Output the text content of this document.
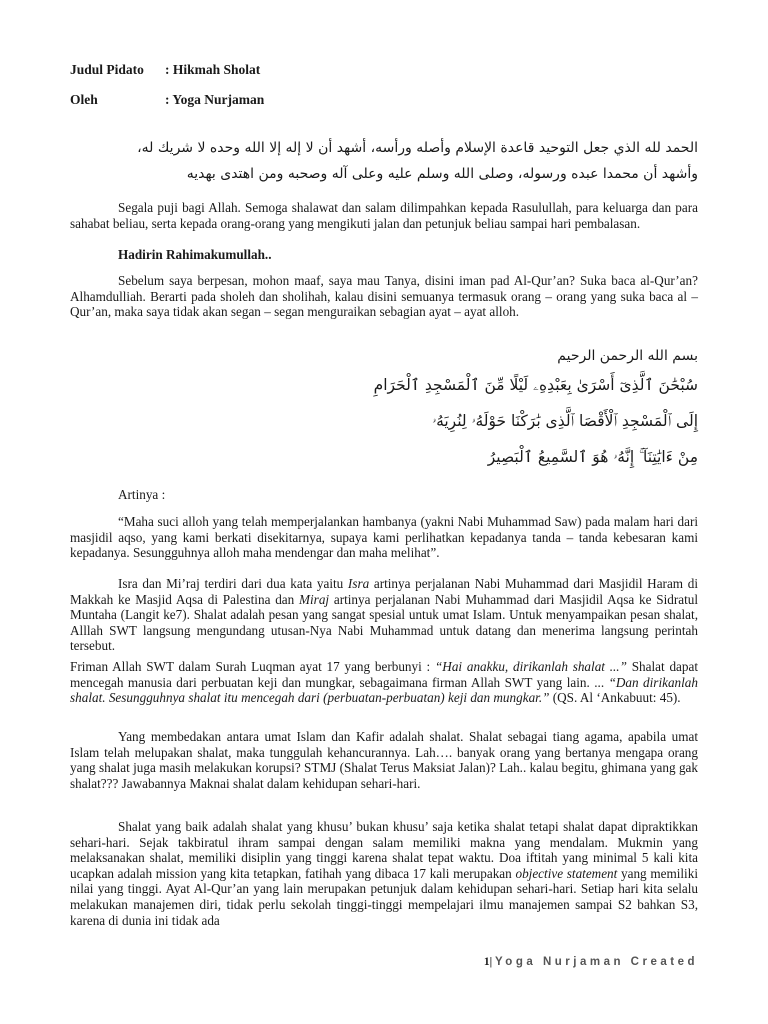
Judul Pidato : Hikmah Sholat
Oleh	: Yoga Nurjaman
الحمد لله الذي جعل التوحيد قاعدة الإسلام وأصله ورأسه، أشهد أن لا إله إلا الله وحده لا شريك له،
وأشهد أن محمدا عبده ورسوله، وصلى الله وسلم عليه وعلى آله وصحبه ومن اهتدى بهديه

Segala puji bagi Allah. Semoga shalawat dan salam dilimpahkan kepada Rasulullah, para keluarga dan para sahabat beliau, serta kepada orang-orang yang mengikuti jalan dan petunjuk beliau sampai hari pembalasan.

Hadirin Rahimakumullah..

Sebelum saya berpesan, mohon maaf, saya mau Tanya, disini iman pad Al-Qur’an? Suka baca al-Qur’an? Alhamdulliah. Berarti pada sholeh dan sholihah, kalau disini semuanya termasuk orang – orang yang suka baca al – Qur’an, maka saya tidak akan segan – segan menguraikan sebagian ayat – ayat alloh.

بسم الله الرحمن الرحيم
سُبْحَٰنَ ٱلَّذِىٓ أَسْرَىٰ بِعَبْدِهِۦ لَيْلًا مِّنَ ٱلْمَسْجِدِ ٱلْحَرَامِ
إِلَى ٱلْمَسْجِدِ ٱلْأَقْصَا ٱلَّذِى بَٰرَكْنَا حَوْلَهُۥ لِنُرِيَهُۥ
مِنْ ءَايَٰتِنَآ ۚ إِنَّهُۥ هُوَ ٱلسَّمِيعُ ٱلْبَصِيرُ

Artinya :

“Maha suci alloh yang telah memperjalankan hambanya (yakni Nabi Muhammad Saw) pada malam hari dari masjidil aqso, yang kami berkati disekitarnya, supaya kami perlihatkan kepadanya tanda – tanda kebesaran kami kepadanya. Sesungguhnya alloh maha mendengar dan maha melihat”.

Isra dan Mi’raj terdiri dari dua kata yaitu Isra artinya perjalanan Nabi Muhammad dari Masjidil Haram di Makkah ke Masjid Aqsa di Palestina dan Miraj artinya perjalanan Nabi Muhammad dari Masjidil Aqsa ke Sidratul Muntaha (Langit ke7). Shalat adalah pesan yang sangat spesial untuk umat Islam. Untuk menyampaikan pesan shalat, Alllah SWT langsung mengundang utusan-Nya Nabi Muhammad untuk datang dan menerima langsung perintah tersebut.

Friman Allah SWT dalam Surah Luqman ayat 17 yang berbunyi : “Hai anakku, dirikanlah shalat ...” Shalat dapat mencegah manusia dari perbuatan keji dan mungkar, sebagaimana firman Allah SWT yang lain. ... “Dan dirikanlah shalat. Sesungguhnya shalat itu mencegah dari (perbuatan-perbuatan) keji dan mungkar.” (QS. Al ‘Ankabuut: 45).

Yang membedakan antara umat Islam dan Kafir adalah shalat. Shalat sebagai tiang agama, apabila umat Islam telah melupakan shalat, maka tunggulah kehancurannya. Lah…. banyak orang yang bertanya mengapa orang yang shalat juga masih melakukan korupsi? STMJ (Shalat Terus Maksiat Jalan)? Lah.. kalau begitu, ghimana yang gak shalat??? Jawabannya Maknai shalat dalam kehidupan sehari-hari.

Shalat yang baik adalah shalat yang khusu’ bukan khusu’ saja ketika shalat tetapi shalat dapat dipraktikkan sehari-hari. Sejak takbiratul ihram sampai dengan salam memiliki makna yang mendalam. Mukmin yang melaksanakan shalat, memiliki disiplin yang tinggi karena shalat tepat waktu. Doa iftitah yang minimal 5 kali kita ucapkan adalah mission yang kita tetapkan, fatihah yang dibaca 17 kali merupakan objective statement yang memiliki nilai yang tinggi. Ayat Al-Qur’an yang lain merupakan petunjuk dalam kehidupan sehari-hari. Setiap hari kita selalu melakukan manajemen diri, tidak perlu sekolah tinggi-tinggi mempelajari ilmu manajemen sampai S2 bahkan S3, karena di dunia ini tidak ada

1| Yoga Nurjaman Created
